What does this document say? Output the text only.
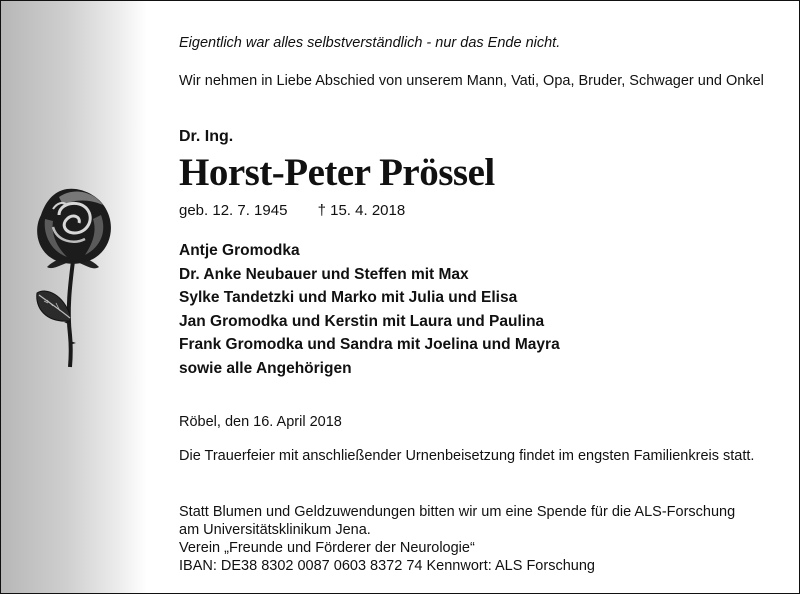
Eigentlich war alles selbstverständlich - nur das Ende nicht.
Wir nehmen in Liebe Abschied von unserem Mann, Vati, Opa, Bruder, Schwager und Onkel
Dr. Ing.
Horst-Peter Prössel
geb. 12. 7. 1945 † 15. 4. 2018
Antje Gromodka
Dr. Anke Neubauer und Steffen mit Max
Sylke Tandetzki und Marko mit Julia und Elisa
Jan Gromodka und Kerstin mit Laura und Paulina
Frank Gromodka und Sandra mit Joelina und Mayra
sowie alle Angehörigen
Röbel, den 16. April 2018
Die Trauerfeier mit anschließender Urnenbeisetzung findet im engsten Familienkreis statt.
Statt Blumen und Geldzuwendungen bitten wir um eine Spende für die ALS-Forschung
am Universitätsklinikum Jena.
Verein „Freunde und Förderer der Neurologie“
IBAN: DE38 8302 0087 0603 8372 74 Kennwort: ALS Forschung
